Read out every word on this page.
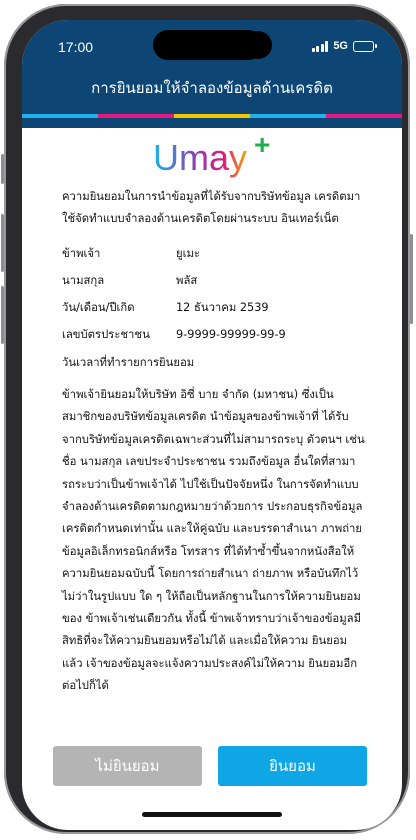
17:00	5G
การยินยอมให้จำลองข้อมูลด้านเครดิต
Umay +

ความยินยอมในการนำข้อมูลที่ได้รับจากบริษัทข้อมูล เครดิตมาใช้จัดทำแบบจำลองด้านเครดิตโดยผ่านระบบ อินเทอร์เน็ต

ข้าพเจ้า	ยูเมะ
นามสกุล	พลัส
วัน/เดือน/ปีเกิด	12 ธันวาคม 2539
เลขบัตรประชาชน	9-9999-99999-99-9
วันเวลาที่ทำรายการยินยอม

ข้าพเจ้ายินยอมให้บริษัท อิซี่ บาย จำกัด (มหาชน) ซึ่งเป็น สมาชิกของบริษัทข้อมูลเครดิต นำข้อมูลของข้าพเจ้าที่ ได้รับจากบริษัทข้อมูลเครดิตเฉพาะส่วนที่ไม่สามารถระบุ ตัวตนฯ เช่น ชื่อ นามสกุล เลขประจำประชาชน รวมถึงข้อมูล อื่นใดที่สามารถระบว่าเป็นข้าพเจ้าได้ ไปใช้เป็นปัจจัยหนึ่ง ในการจัดทำแบบจำลองด้านเครดิตตามกฎหมายว่าด้วยการ ประกอบธุรกิจข้อมูลเครดิตกำหนดเท่านั้น และให้คู่ฉบับ และบรรดาสำเนา ภาพถ่าย ข้อมูลอิเล็กทรอนิกส์หรือ โทรสาร ที่ได้ทำซ้ำขึ้นจากหนังสือให้ความยินยอมฉบับนี้ โดยการถ่ายสำเนา ถ่ายภาพ หรือบันทึกไว้ไม่ว่าในรูปแบบ ใด ๆ ให้ถือเป็นหลักฐานในการให้ความยินยอมของ ข้าพเจ้าเช่นเดียวกัน ทั้งนี้ ข้าพเจ้าทราบว่าเจ้าของข้อมูลมี สิทธิที่จะให้ความยินยอมหรือไม่ได้ และเมื่อให้ความ ยินยอมแล้ว เจ้าของข้อมูลจะแจ้งความประสงค์ไม่ให้ความ ยินยอมอีกต่อไปก็ได้

ไม่ยินยอม	ยินยอม
